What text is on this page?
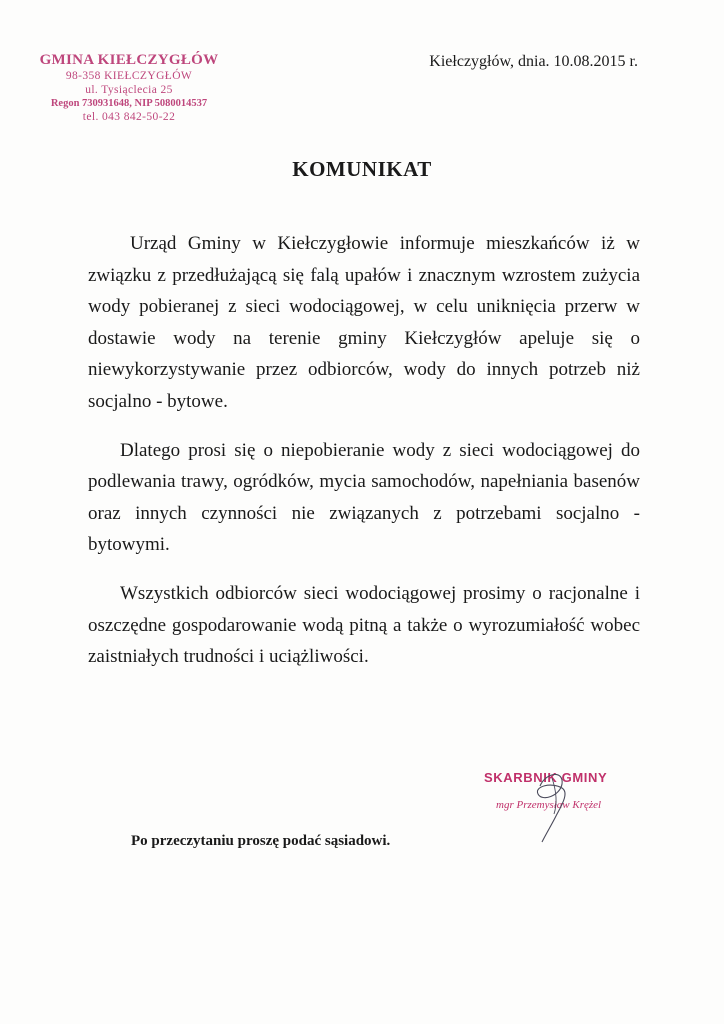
GMINA KIEŁCZYGŁÓW
98-358 KIEŁCZYGŁÓW
ul. Tysiąclecia 25
Regon 730931648, NIP 5080014537
tel. 043 842-50-22
Kiełczygłów, dnia. 10.08.2015 r.
KOMUNIKAT

Urząd Gminy w Kiełczygłowie informuje mieszkańców iż w związku z przedłużającą się falą upałów i znacznym wzrostem zużycia wody pobieranej z sieci wodociągowej, w celu uniknięcia przerw w dostawie wody na terenie gminy Kiełczygłów apeluje się o niewykorzystywanie przez odbiorców, wody do innych potrzeb niż socjalno - bytowe.

Dlatego prosi się o niepobieranie wody z sieci wodociągowej do podlewania trawy, ogródków, mycia samochodów, napełniania basenów oraz innych czynności nie związanych z potrzebami socjalno - bytowymi.

Wszystkich odbiorców sieci wodociągowej prosimy o racjonalne i oszczędne gospodarowanie wodą pitną a także o wyrozumiałość wobec zaistniałych trudności i uciążliwości.

SKARBNIK GMINY
mgr Przemysław Krężel
Po przeczytaniu proszę podać sąsiadowi.
